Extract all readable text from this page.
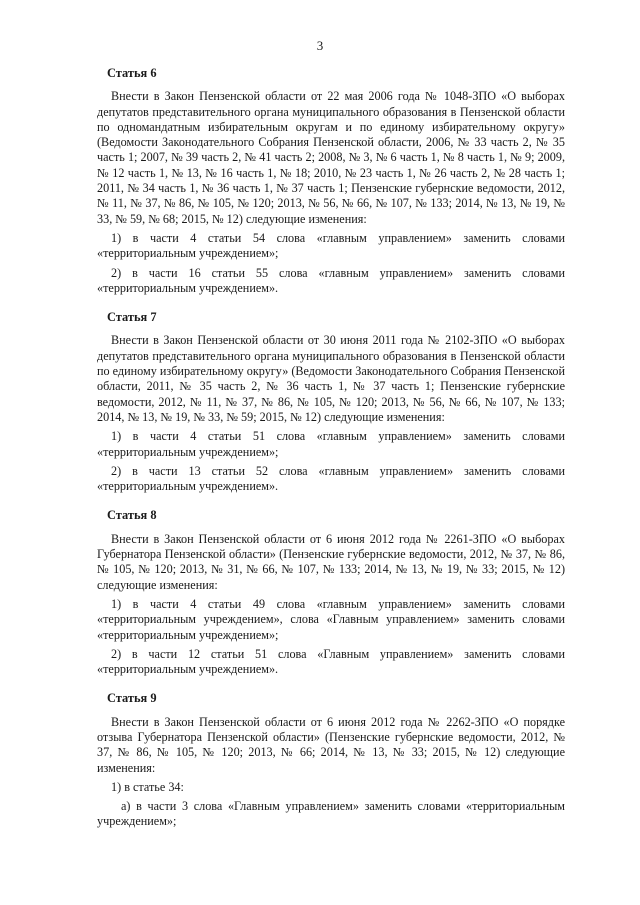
3

Статья 6

Внести в Закон Пензенской области от 22 мая 2006 года № 1048-ЗПО «О выборах депутатов представительного органа муниципального образования в Пензенской области по одномандатным избирательным округам и по единому избирательному округу» (Ведомости Законодательного Собрания Пензенской области, 2006, № 33 часть 2, № 35 часть 1; 2007, № 39 часть 2, № 41 часть 2; 2008, № 3, № 6 часть 1, № 8 часть 1, № 9; 2009, № 12 часть 1, № 13, № 16 часть 1, № 18; 2010, № 23 часть 1, № 26 часть 2, № 28 часть 1; 2011, № 34 часть 1, № 36 часть 1, № 37 часть 1; Пензенские губернские ведомости, 2012, № 11, № 37, № 86, № 105, № 120; 2013, № 56, № 66, № 107, № 133; 2014, № 13, № 19, № 33, № 59, № 68; 2015, № 12) следующие изменения:

1) в части 4 статьи 54 слова «главным управлением» заменить словами «территориальным учреждением»;

2) в части 16 статьи 55 слова «главным управлением» заменить словами «территориальным учреждением».

Статья 7

Внести в Закон Пензенской области от 30 июня 2011 года № 2102-ЗПО «О выборах депутатов представительного органа муниципального образования в Пензенской области по единому избирательному округу» (Ведомости Законодательного Собрания Пензенской области, 2011, № 35 часть 2, № 36 часть 1, № 37 часть 1; Пензенские губернские ведомости, 2012, № 11, № 37, № 86, № 105, № 120; 2013, № 56, № 66, № 107, № 133; 2014, № 13, № 19, № 33, № 59; 2015, № 12) следующие изменения:

1) в части 4 статьи 51 слова «главным управлением» заменить словами «территориальным учреждением»;

2) в части 13 статьи 52 слова «главным управлением» заменить словами «территориальным учреждением».

Статья 8

Внести в Закон Пензенской области от 6 июня 2012 года № 2261-ЗПО «О выборах Губернатора Пензенской области» (Пензенские губернские ведомости, 2012, № 37, № 86, № 105, № 120; 2013, № 31, № 66, № 107, № 133; 2014, № 13, № 19, № 33; 2015, № 12) следующие изменения:

1) в части 4 статьи 49 слова «главным управлением» заменить словами «территориальным учреждением», слова «Главным управлением» заменить словами «территориальным учреждением»;

2) в части 12 статьи 51 слова «Главным управлением» заменить словами «территориальным учреждением».

Статья 9

Внести в Закон Пензенской области от 6 июня 2012 года № 2262-ЗПО «О порядке отзыва Губернатора Пензенской области» (Пензенские губернские ведомости, 2012, № 37, № 86, № 105, № 120; 2013, № 66; 2014, № 13, № 33; 2015, № 12) следующие изменения:

1) в статье 34:

а) в части 3 слова «Главным управлением» заменить словами «территориальным учреждением»;
